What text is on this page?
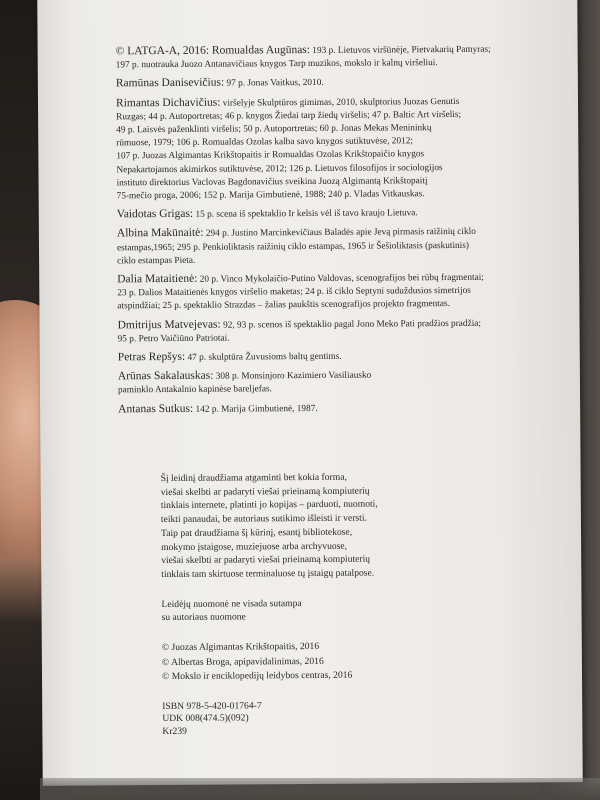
© LATGA-A, 2016: Romualdas Augūnas: 193 p. Lietuvos viršūnėje, Pietvakarių Pamyras;
197 p. nuotrauka Juozo Antanavičiaus knygos Tarp muzikos, mokslo ir kalnų viršeliui.
Ramūnas Danisevičius: 97 p. Jonas Vaitkus, 2010.
Rimantas Dichavičius: viršelyje Skulptūros gimimas, 2010, skulptorius Juozas Genutis
Ruzgas; 44 p. Autoportretas; 46 p. knygos Žiedai tarp žiedų viršelis; 47 p. Baltic Art viršelis;
49 p. Laisvės paženklinti viršelis; 50 p. Autoportretas; 60 p. Jonas Mekas Menininkų
rūmuose, 1979; 106 p. Romualdas Ozolas kalba savo knygos sutiktuvėse, 2012;
107 p. Juozas Algimantas Krikštopaitis ir Romualdas Ozolas Krikštopaičio knygos
Nepakartojamos akimirkos sutiktuvėse, 2012; 126 p. Lietuvos filosofijos ir sociologijos
instituto direktorius Vaclovas Bagdonavičius sveikina Juozą Algimantą Krikštopaitį
75-mečio proga, 2006; 152 p. Marija Gimbutienė, 1988; 240 p. Vladas Vitkauskas.
Vaidotas Grigas: 15 p. scena iš spektaklio Ir kelsis vėl iš tavo kraujo Lietuva.
Albina Makūnaitė: 294 p. Justino Marcinkevičiaus Baladės apie Jevą pirmasis raižinių ciklo
estampas,1965; 295 p. Penkioliktasis raižinių ciklo estampas, 1965 ir Šešioliktasis (paskutinis)
ciklo estampas Pieta.
Dalia Mataitienė: 20 p. Vinco Mykolaičio-Putino Valdovas, scenografijos bei rūbų fragmentai;
23 p. Dalios Mataitienės knygos viršelio maketas; 24 p. iš ciklo Septyni suduždusios simetrijos
atspindžiai; 25 p. spektaklio Strazdas – žalias paukštis scenografijos projekto fragmentas.
Dmitrijus Matvejevas: 92, 93 p. scenos iš spektaklio pagal Jono Meko Pati pradžios pradžia;
95 p. Petro Vaičiūno Patriotai.
Petras Repšys: 47 p. skulptūra Žuvusioms baltų gentims.
Arūnas Sakalauskas: 308 p. Monsinjoro Kazimiero Vasiliausko
paminklo Antakalnio kapinėse bareljefas.
Antanas Sutkus: 142 p. Marija Gimbutienė, 1987.
Šį leidinį draudžiama atgaminti bet kokia forma,
viešai skelbti ar padaryti viešai prieinamą kompiuterių
tinklais internete, platinti jo kopijas – parduoti, nuomoti,
teikti panaudai, be autoriaus sutikimo išleisti ir versti.
Taip pat draudžiama šį kūrinį, esantį bibliotekose,
mokymo įstaigose, muziejuose arba archyvuose,
viešai skelbti ar padaryti viešai prieinamą kompiuterių
tinklais tam skirtuose terminaluose tų įstaigų patalpose.
Leidėjų nuomonė ne visada sutampa
su autoriaus nuomone
© Juozas Algimantas Krikštopaitis, 2016
© Albertas Broga, apipavidalinimas, 2016
© Mokslo ir enciklopedijų leidybos centras, 2016
ISBN 978-5-420-01764-7
UDK 008(474.5)(092)
Kr239
